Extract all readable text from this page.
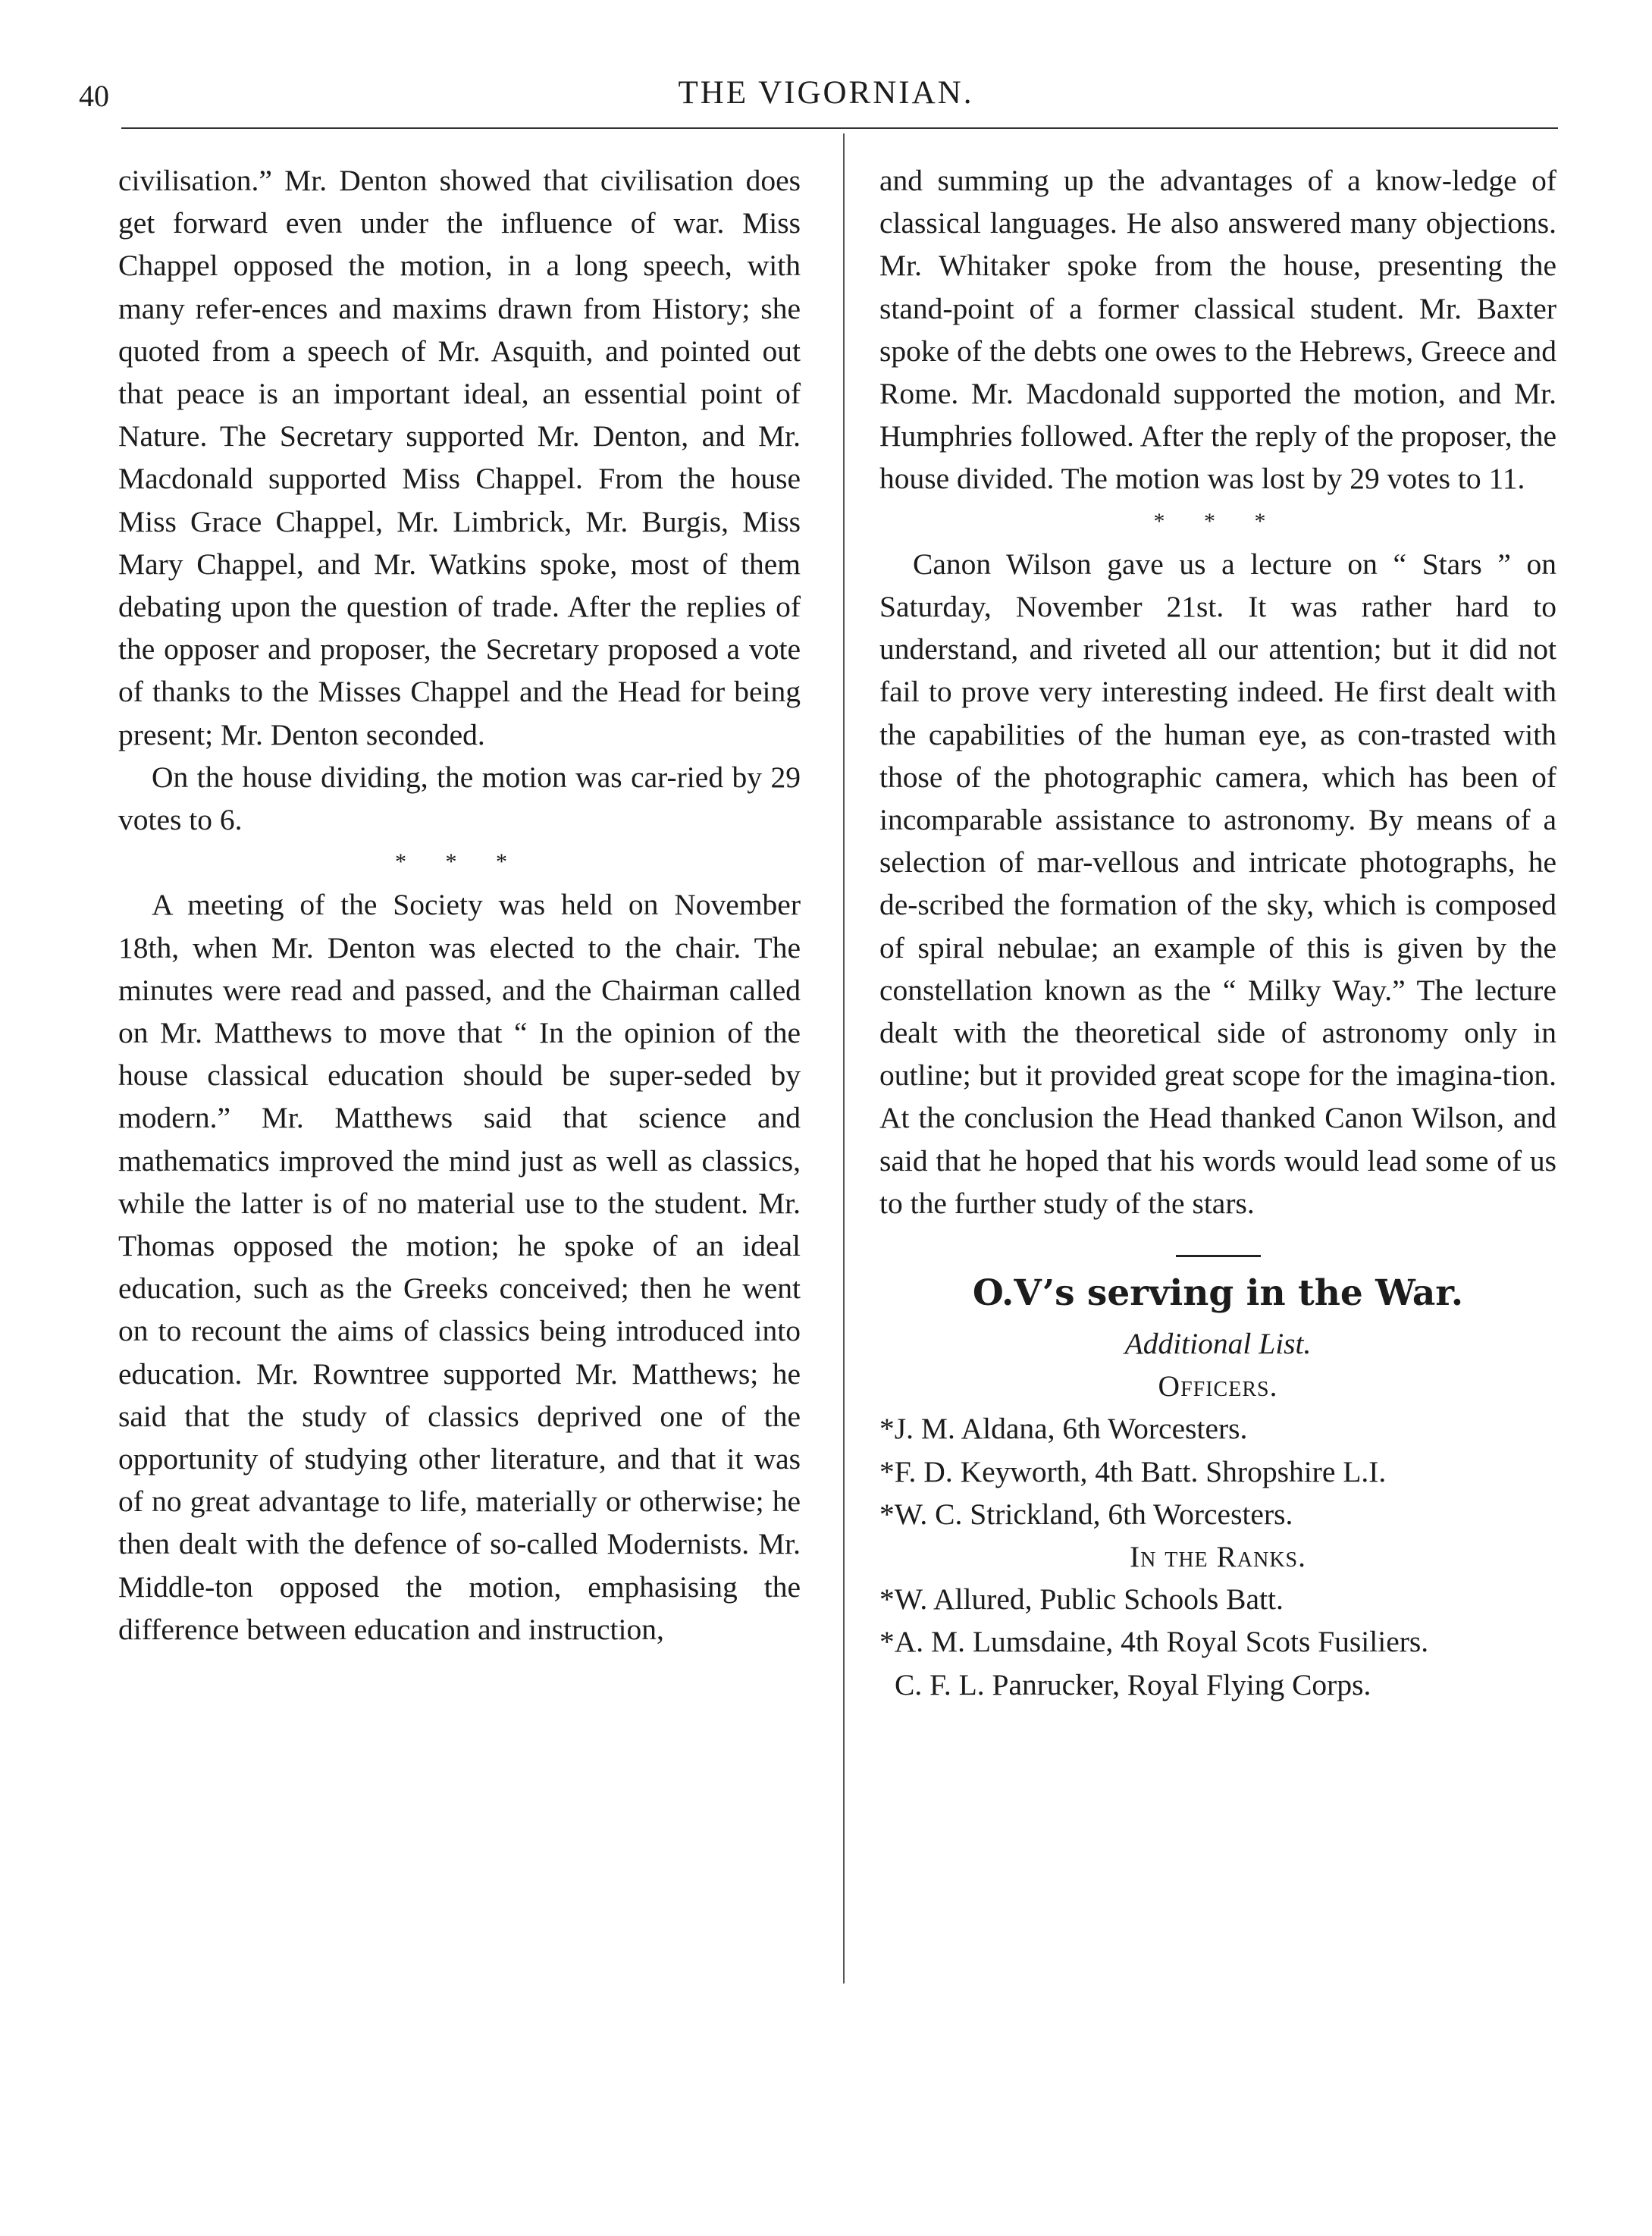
40	THE VIGORNIAN.

civilisation.” Mr. Denton showed that civilisation does get forward even under the influence of war. Miss Chappel opposed the motion, in a long speech, with many refer-ences and maxims drawn from History; she quoted from a speech of Mr. Asquith, and pointed out that peace is an important ideal, an essential point of Nature. The Secretary supported Mr. Denton, and Mr. Macdonald supported Miss Chappel. From the house Miss Grace Chappel, Mr. Limbrick, Mr. Burgis, Miss Mary Chappel, and Mr. Watkins spoke, most of them debating upon the question of trade. After the replies of the opposer and proposer, the Secretary proposed a vote of thanks to the Misses Chappel and the Head for being present; Mr. Denton seconded.

On the house dividing, the motion was car-ried by 29 votes to 6.

* * *

A meeting of the Society was held on November 18th, when Mr. Denton was elected to the chair. The minutes were read and passed, and the Chairman called on Mr. Matthews to move that “ In the opinion of the house classical education should be super-seded by modern.” Mr. Matthews said that science and mathematics improved the mind just as well as classics, while the latter is of no material use to the student. Mr. Thomas opposed the motion; he spoke of an ideal education, such as the Greeks conceived; then he went on to recount the aims of classics being introduced into education. Mr. Rowntree supported Mr. Matthews; he said that the study of classics deprived one of the opportunity of studying other literature, and that it was of no great advantage to life, materially or otherwise; he then dealt with the defence of so-called Modernists. Mr. Middle-ton opposed the motion, emphasising the difference between education and instruction,

and summing up the advantages of a know-ledge of classical languages. He also answered many objections. Mr. Whitaker spoke from the house, presenting the stand-point of a former classical student. Mr. Baxter spoke of the debts one owes to the Hebrews, Greece and Rome. Mr. Macdonald supported the motion, and Mr. Humphries followed. After the reply of the proposer, the house divided. The motion was lost by 29 votes to 11.

* * *

Canon Wilson gave us a lecture on “ Stars ” on Saturday, November 21st. It was rather hard to understand, and riveted all our attention; but it did not fail to prove very interesting indeed. He first dealt with the capabilities of the human eye, as con-trasted with those of the photographic camera, which has been of incomparable assistance to astronomy. By means of a selection of mar-vellous and intricate photographs, he de-scribed the formation of the sky, which is composed of spiral nebulae; an example of this is given by the constellation known as the “ Milky Way.” The lecture dealt with the theoretical side of astronomy only in outline; but it provided great scope for the imagina-tion. At the conclusion the Head thanked Canon Wilson, and said that he hoped that his words would lead some of us to the further study of the stars.

O.V’s serving in the War.
Additional List.
Officers.

*J. M. Aldana, 6th Worcesters.

*F. D. Keyworth, 4th Batt. Shropshire L.I.

*W. C. Strickland, 6th Worcesters.

In the Ranks.

*W. Allured, Public Schools Batt.

*A. M. Lumsdaine, 4th Royal Scots Fusiliers.

C. F. L. Panrucker, Royal Flying Corps.
